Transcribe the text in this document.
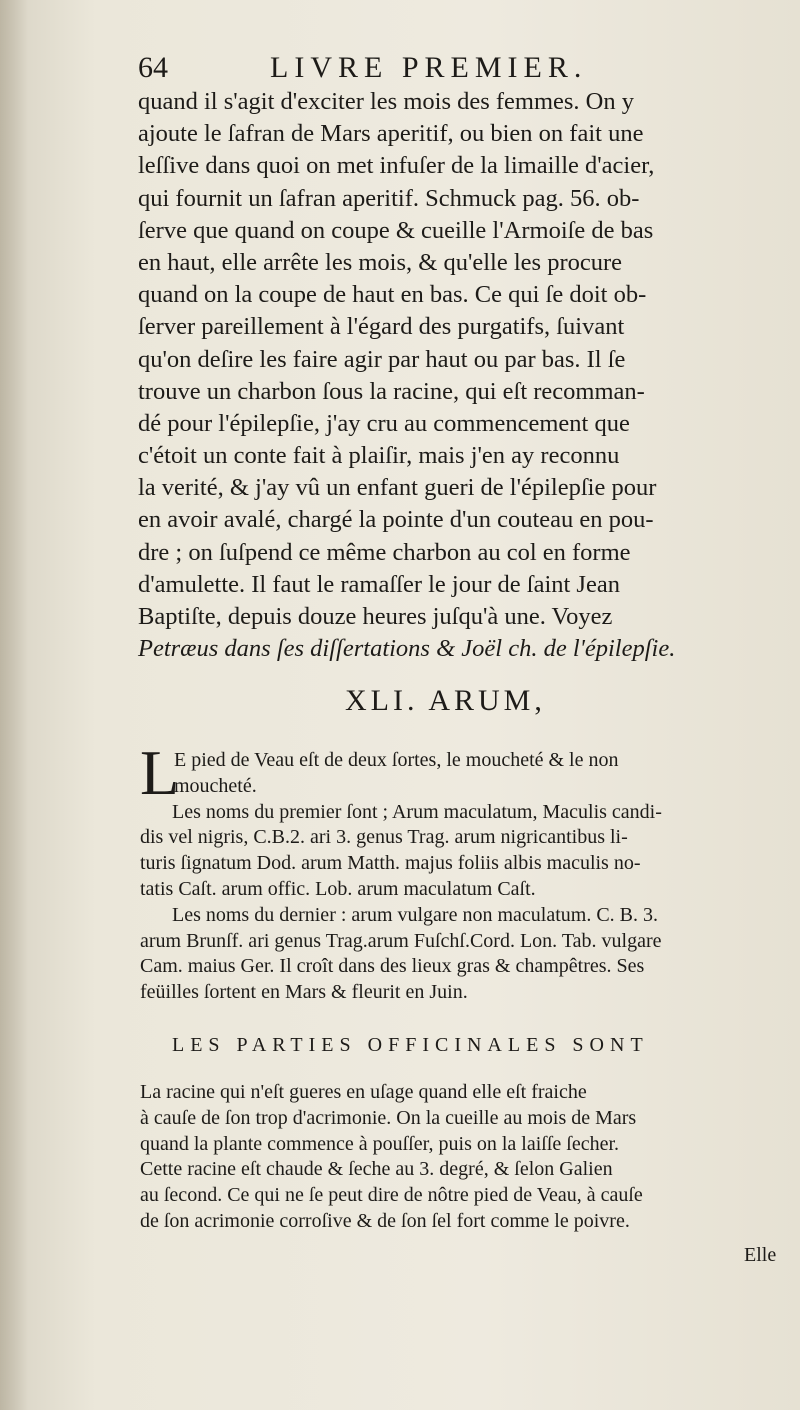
64	LIVRE PREMIER.
quand il s'agit d'exciter les mois des femmes. On y
ajoute le ſafran de Mars aperitif, ou bien on fait une
leſſive dans quoi on met infuſer de la limaille d'acier,
qui fournit un ſafran aperitif. Schmuck pag. 56. ob-
ſerve que quand on coupe & cueille l'Armoiſe de bas
en haut, elle arrête les mois, & qu'elle les procure
quand on la coupe de haut en bas. Ce qui ſe doit ob-
ſerver pareillement à l'égard des purgatifs, ſuivant
qu'on deſire les faire agir par haut ou par bas. Il ſe
trouve un charbon ſous la racine, qui eſt recomman-
dé pour l'épilepſie, j'ay cru au commencement que
c'étoit un conte fait à plaiſir, mais j'en ay reconnu
la verité, & j'ay vû un enfant gueri de l'épilepſie pour
en avoir avalé, chargé la pointe d'un couteau en pou-
dre ; on ſuſpend ce même charbon au col en forme
d'amulette. Il faut le ramaſſer le jour de ſaint Jean
Baptiſte, depuis douze heures juſqu'à une. Voyez
Petræus dans ſes diſſertations & Joël ch. de l'épilepſie.
XLI. ARUM,
L
E pied de Veau eſt de deux ſortes, le moucheté & le non
moucheté.
Les noms du premier ſont ; Arum maculatum, Maculis candi-
dis vel nigris, C.B.2. ari 3. genus Trag. arum nigricantibus li-
turis ſignatum Dod. arum Matth. majus foliis albis maculis no-
tatis Caſt. arum offic. Lob. arum maculatum Caſt.
Les noms du dernier : arum vulgare non maculatum. C. B. 3.
arum Brunſf. ari genus Trag.arum Fuſchſ.Cord. Lon. Tab. vulgare
Cam. maius Ger. Il croît dans des lieux gras & champêtres. Ses
feüilles ſortent en Mars & fleurit en Juin.
LES PARTIES OFFICINALES SONT
La racine qui n'eſt gueres en uſage quand elle eſt fraiche
à cauſe de ſon trop d'acrimonie. On la cueille au mois de Mars
quand la plante commence à pouſſer, puis on la laiſſe ſecher.
Cette racine eſt chaude & ſeche au 3. degré, & ſelon Galien
au ſecond. Ce qui ne ſe peut dire de nôtre pied de Veau, à cauſe
de ſon acrimonie corroſive & de ſon ſel fort comme le poivre.
Elle
